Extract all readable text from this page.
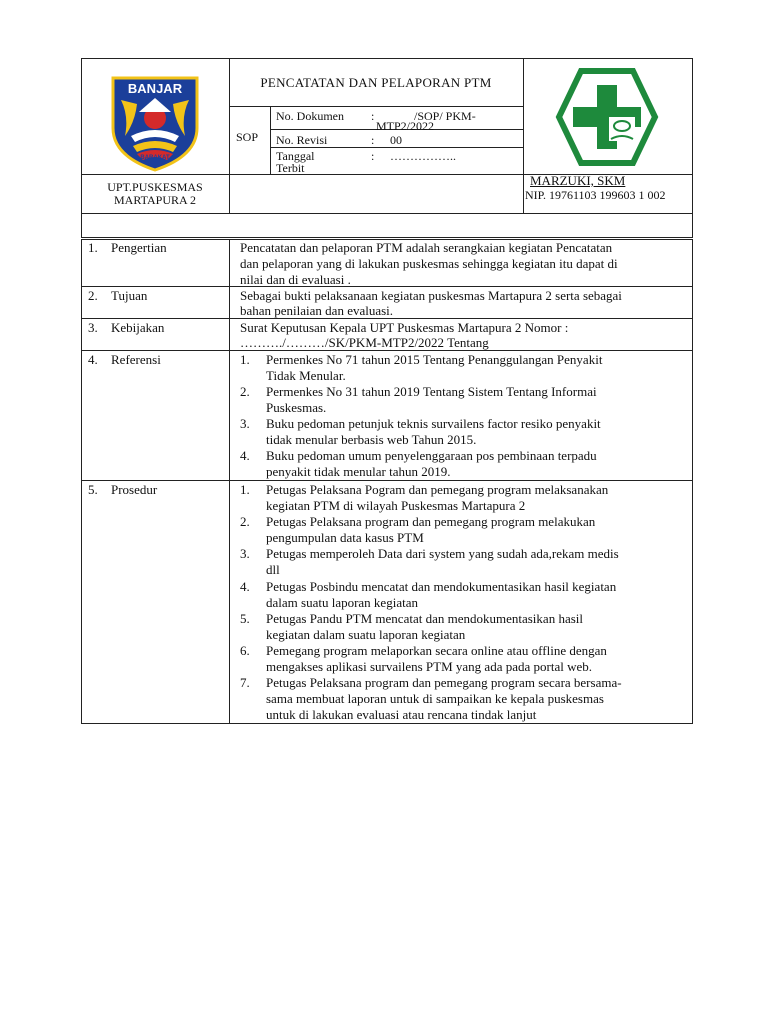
BANJAR
BARAKAT
PENCATATAN DAN PELAPORAN PTM
SOP
No. Dokumen :	/SOP/ PKM-
MTP2/2022
No. Revisi	: 00
Tanggal
Terbit
: ……………..
UPT.PUSKESMAS
MARTAPURA 2
MARZUKI, SKM
NIP. 19761103 199603 1 002
1. Pengertian	Pencatatan dan pelaporan PTM adalah serangkaian kegiatan Pencatatan
dan pelaporan yang di lakukan puskesmas sehingga kegiatan itu dapat di
nilai dan di evaluasi .
2. Tujuan	Sebagai bukti pelaksanaan kegiatan puskesmas Martapura 2 serta sebagai
bahan penilaian dan evaluasi.
3. Kebijakan	Surat Keputusan Kepala UPT Puskesmas Martapura 2 Nomor :
………./………/SK/PKM-MTP2/2022 Tentang
4. Referensi	1. Permenkes No 71 tahun 2015 Tentang Penanggulangan Penyakit
Tidak Menular.
2. Permenkes No 31 tahun 2019 Tentang Sistem Tentang Informai
Puskesmas.
3. Buku pedoman petunjuk teknis survailens factor resiko penyakit
tidak menular berbasis web Tahun 2015.
4. Buku pedoman umum penyelenggaraan pos pembinaan terpadu
penyakit tidak menular tahun 2019.
5. Prosedur	1. Petugas Pelaksana Pogram dan pemegang program melaksanakan
kegiatan PTM di wilayah Puskesmas Martapura 2
2. Petugas Pelaksana program dan pemegang program melakukan
pengumpulan data kasus PTM
3. Petugas memperoleh Data dari system yang sudah ada,rekam medis
dll
4. Petugas Posbindu mencatat dan mendokumentasikan hasil kegiatan
dalam suatu laporan kegiatan
5. Petugas Pandu PTM mencatat dan mendokumentasikan hasil
kegiatan dalam suatu laporan kegiatan
6. Pemegang program melaporkan secara online atau offline dengan
mengakses aplikasi survailens PTM yang ada pada portal web.
7. Petugas Pelaksana program dan pemegang program secara bersama-
sama membuat laporan untuk di sampaikan ke kepala puskesmas
untuk di lakukan evaluasi atau rencana tindak lanjut
